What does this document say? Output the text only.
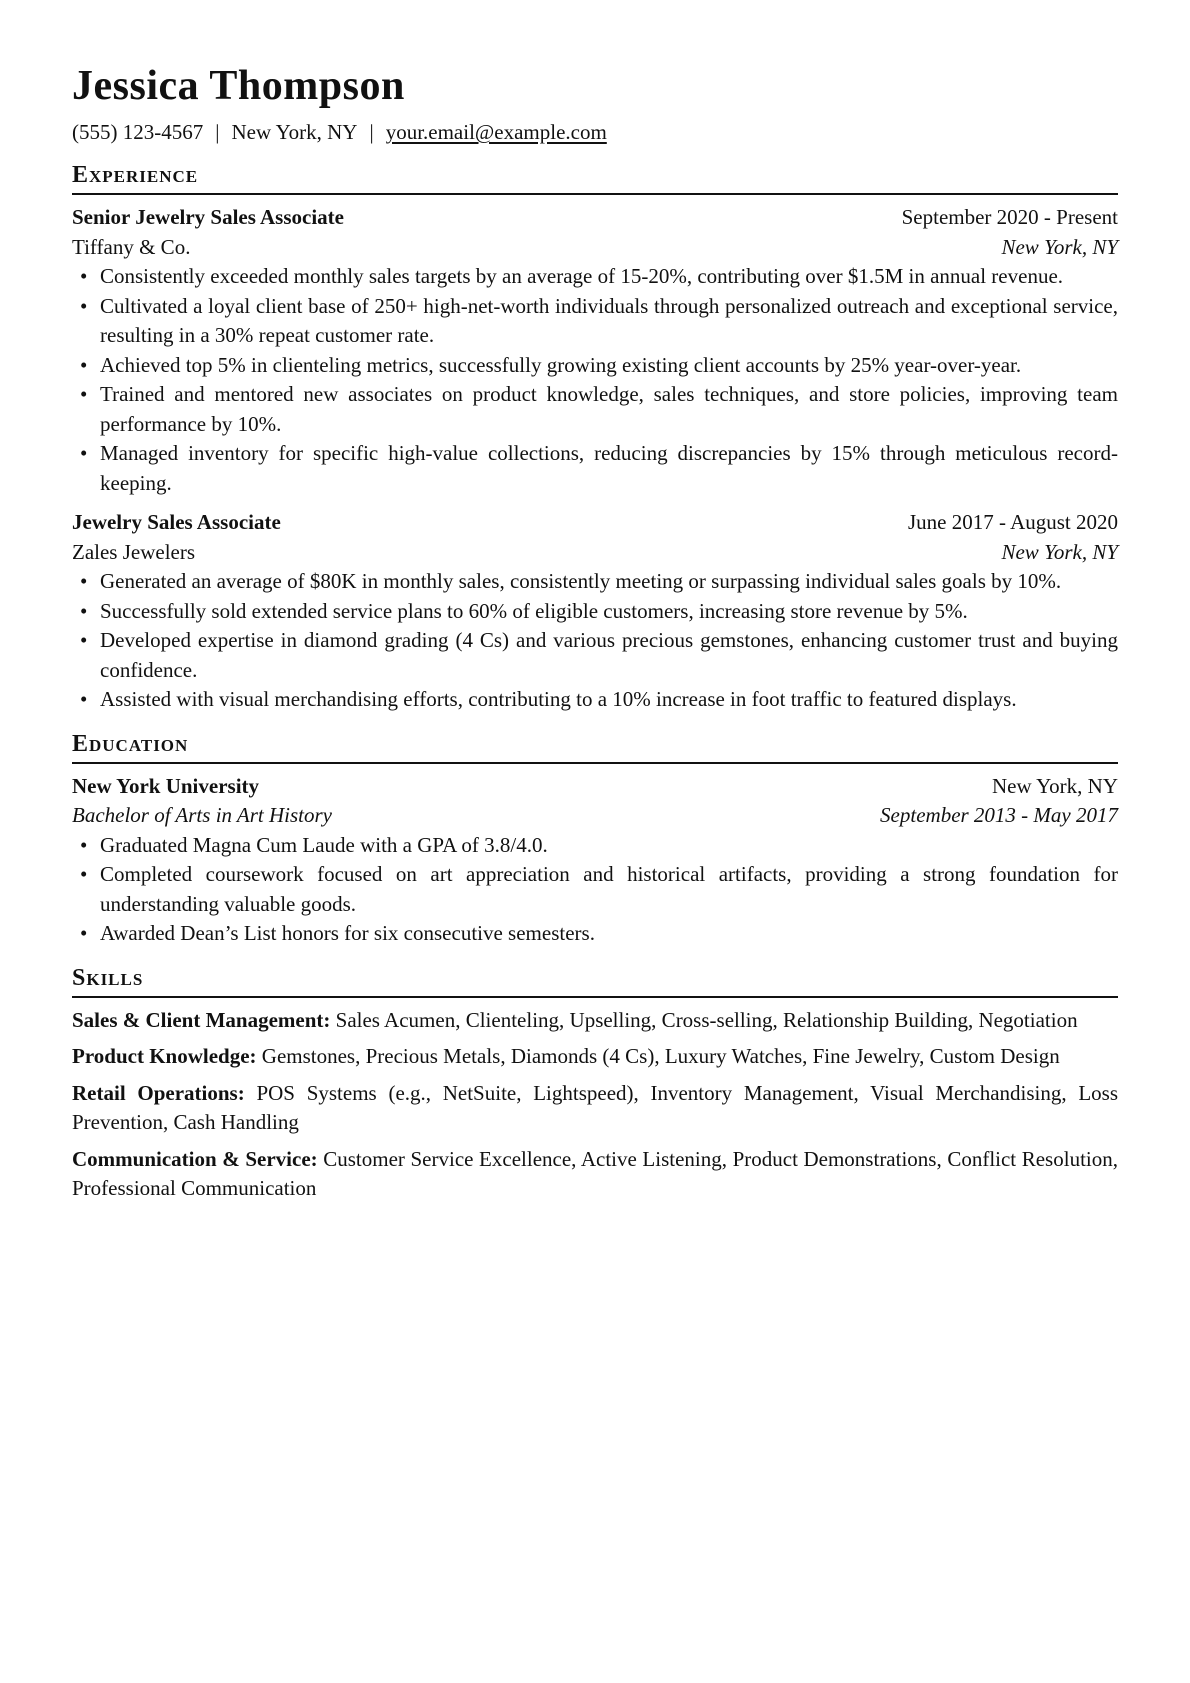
Jessica Thompson
(555) 123-4567 | New York, NY | your.email@example.com
Experience
Senior Jewelry Sales Associate	September 2020 - Present
Tiffany & Co.	New York, NY
• Consistently exceeded monthly sales targets by an average of 15-20%, contributing over $1.5M in annual revenue.
• Cultivated a loyal client base of 250+ high-net-worth individuals through personalized outreach and exceptional service, resulting in a 30% repeat customer rate.
• Achieved top 5% in clienteling metrics, successfully growing existing client accounts by 25% year-over-year.
• Trained and mentored new associates on product knowledge, sales techniques, and store policies, improving team performance by 10%.
• Managed inventory for specific high-value collections, reducing discrepancies by 15% through meticulous record-keeping.
Jewelry Sales Associate	June 2017 - August 2020
Zales Jewelers	New York, NY
• Generated an average of $80K in monthly sales, consistently meeting or surpassing individual sales goals by 10%.
• Successfully sold extended service plans to 60% of eligible customers, increasing store revenue by 5%.
• Developed expertise in diamond grading (4 Cs) and various precious gemstones, enhancing customer trust and buying confidence.
• Assisted with visual merchandising efforts, contributing to a 10% increase in foot traffic to featured displays.
Education
New York University	New York, NY
Bachelor of Arts in Art History	September 2013 - May 2017
• Graduated Magna Cum Laude with a GPA of 3.8/4.0.
• Completed coursework focused on art appreciation and historical artifacts, providing a strong foundation for understanding valuable goods.
• Awarded Dean’s List honors for six consecutive semesters.
Skills
Sales & Client Management: Sales Acumen, Clienteling, Upselling, Cross-selling, Relationship Building, Negotiation
Product Knowledge: Gemstones, Precious Metals, Diamonds (4 Cs), Luxury Watches, Fine Jewelry, Custom Design
Retail Operations: POS Systems (e.g., NetSuite, Lightspeed), Inventory Management, Visual Merchandising, Loss Prevention, Cash Handling
Communication & Service: Customer Service Excellence, Active Listening, Product Demonstrations, Conflict Resolution, Professional Communication
